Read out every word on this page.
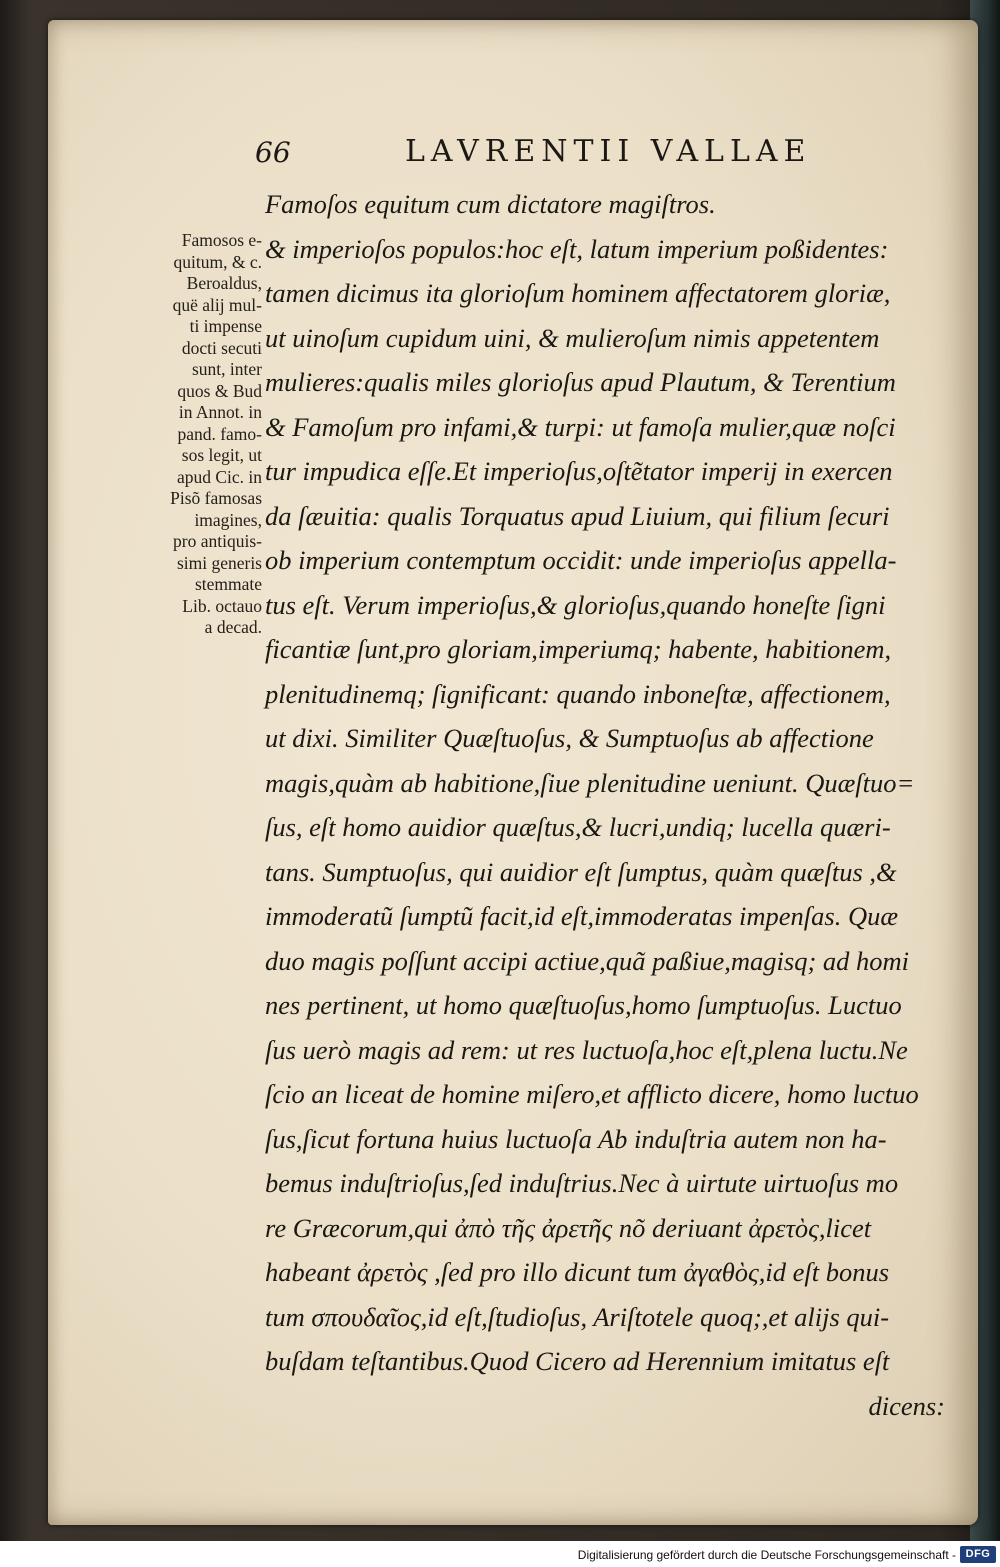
66	LAVRENTII VALLAE
Famosos e-
quitum, & c.
Beroaldus,
quë alij mul-
ti impense
docti secuti
sunt, inter
quos & Bud
in Annot. in
pand. famo-
sos legit, ut
apud Cic. in
Pisõ famosas
imagines,
pro antiquis-
simi generis
stemmate
Lib. octauo
a decad.
Famoſos equitum cum dictatore magiſtros.
& imperioſos populos:hoc eſt, latum imperium poßidentes:
tamen dicimus ita glorioſum hominem affectatorem gloriæ,
ut uinoſum cupidum uini, & mulieroſum nimis appetentem
mulieres:qualis miles glorioſus apud Plautum, & Terentium
& Famoſum pro infami,& turpi: ut famoſa mulier,quæ noſci
tur impudica eſſe.Et imperioſus,oſtẽtator imperij in exercen
da ſæuitia: qualis Torquatus apud Liuium, qui filium ſecuri
ob imperium contemptum occidit: unde imperioſus appella-
tus eſt. Verum imperioſus,& glorioſus,quando honeſte ſigni
ficantiæ ſunt,pro gloriam,imperiumq; habente, habitionem,
plenitudinemq; ſignificant: quando inboneſtæ, affectionem,
ut dixi. Similiter Quæſtuoſus, & Sumptuoſus ab affectione
magis,quàm ab habitione,ſiue plenitudine ueniunt. Quæſtuo=
ſus, eſt homo auidior quæſtus,& lucri,undiq; lucella quæri-
tans. Sumptuoſus, qui auidior eſt ſumptus, quàm quæſtus ,&
immoderatũ ſumptũ facit,id eſt,immoderatas impenſas. Quæ
duo magis poſſunt accipi actiue,quã paßiue,magisq; ad homi
nes pertinent, ut homo quæſtuoſus,homo ſumptuoſus. Luctuo
ſus uerò magis ad rem: ut res luctuoſa,hoc eſt,plena luctu.Ne
ſcio an liceat de homine miſero,et afflicto dicere, homo luctuo
ſus,ſicut fortuna huius luctuoſa Ab induſtria autem non ha-
bemus induſtrioſus,ſed induſtrius.Nec à uirtute uirtuoſus mo
re Græcorum,qui ἀπὸ τῆς ἀρετῆς nõ deriuant ἀρετὸς,licet
habeant ἀρετὸς ,ſed pro illo dicunt tum ἀγαθὸς,id eſt bonus
tum σπουδαῖος,id eſt,ſtudioſus, Ariſtotele quoq;,et alijs qui-
buſdam teſtantibus.Quod Cicero ad Herennium imitatus eſt
dicens:
Digitalisierung gefördert durch die Deutsche Forschungsgemeinschaft - DFG
